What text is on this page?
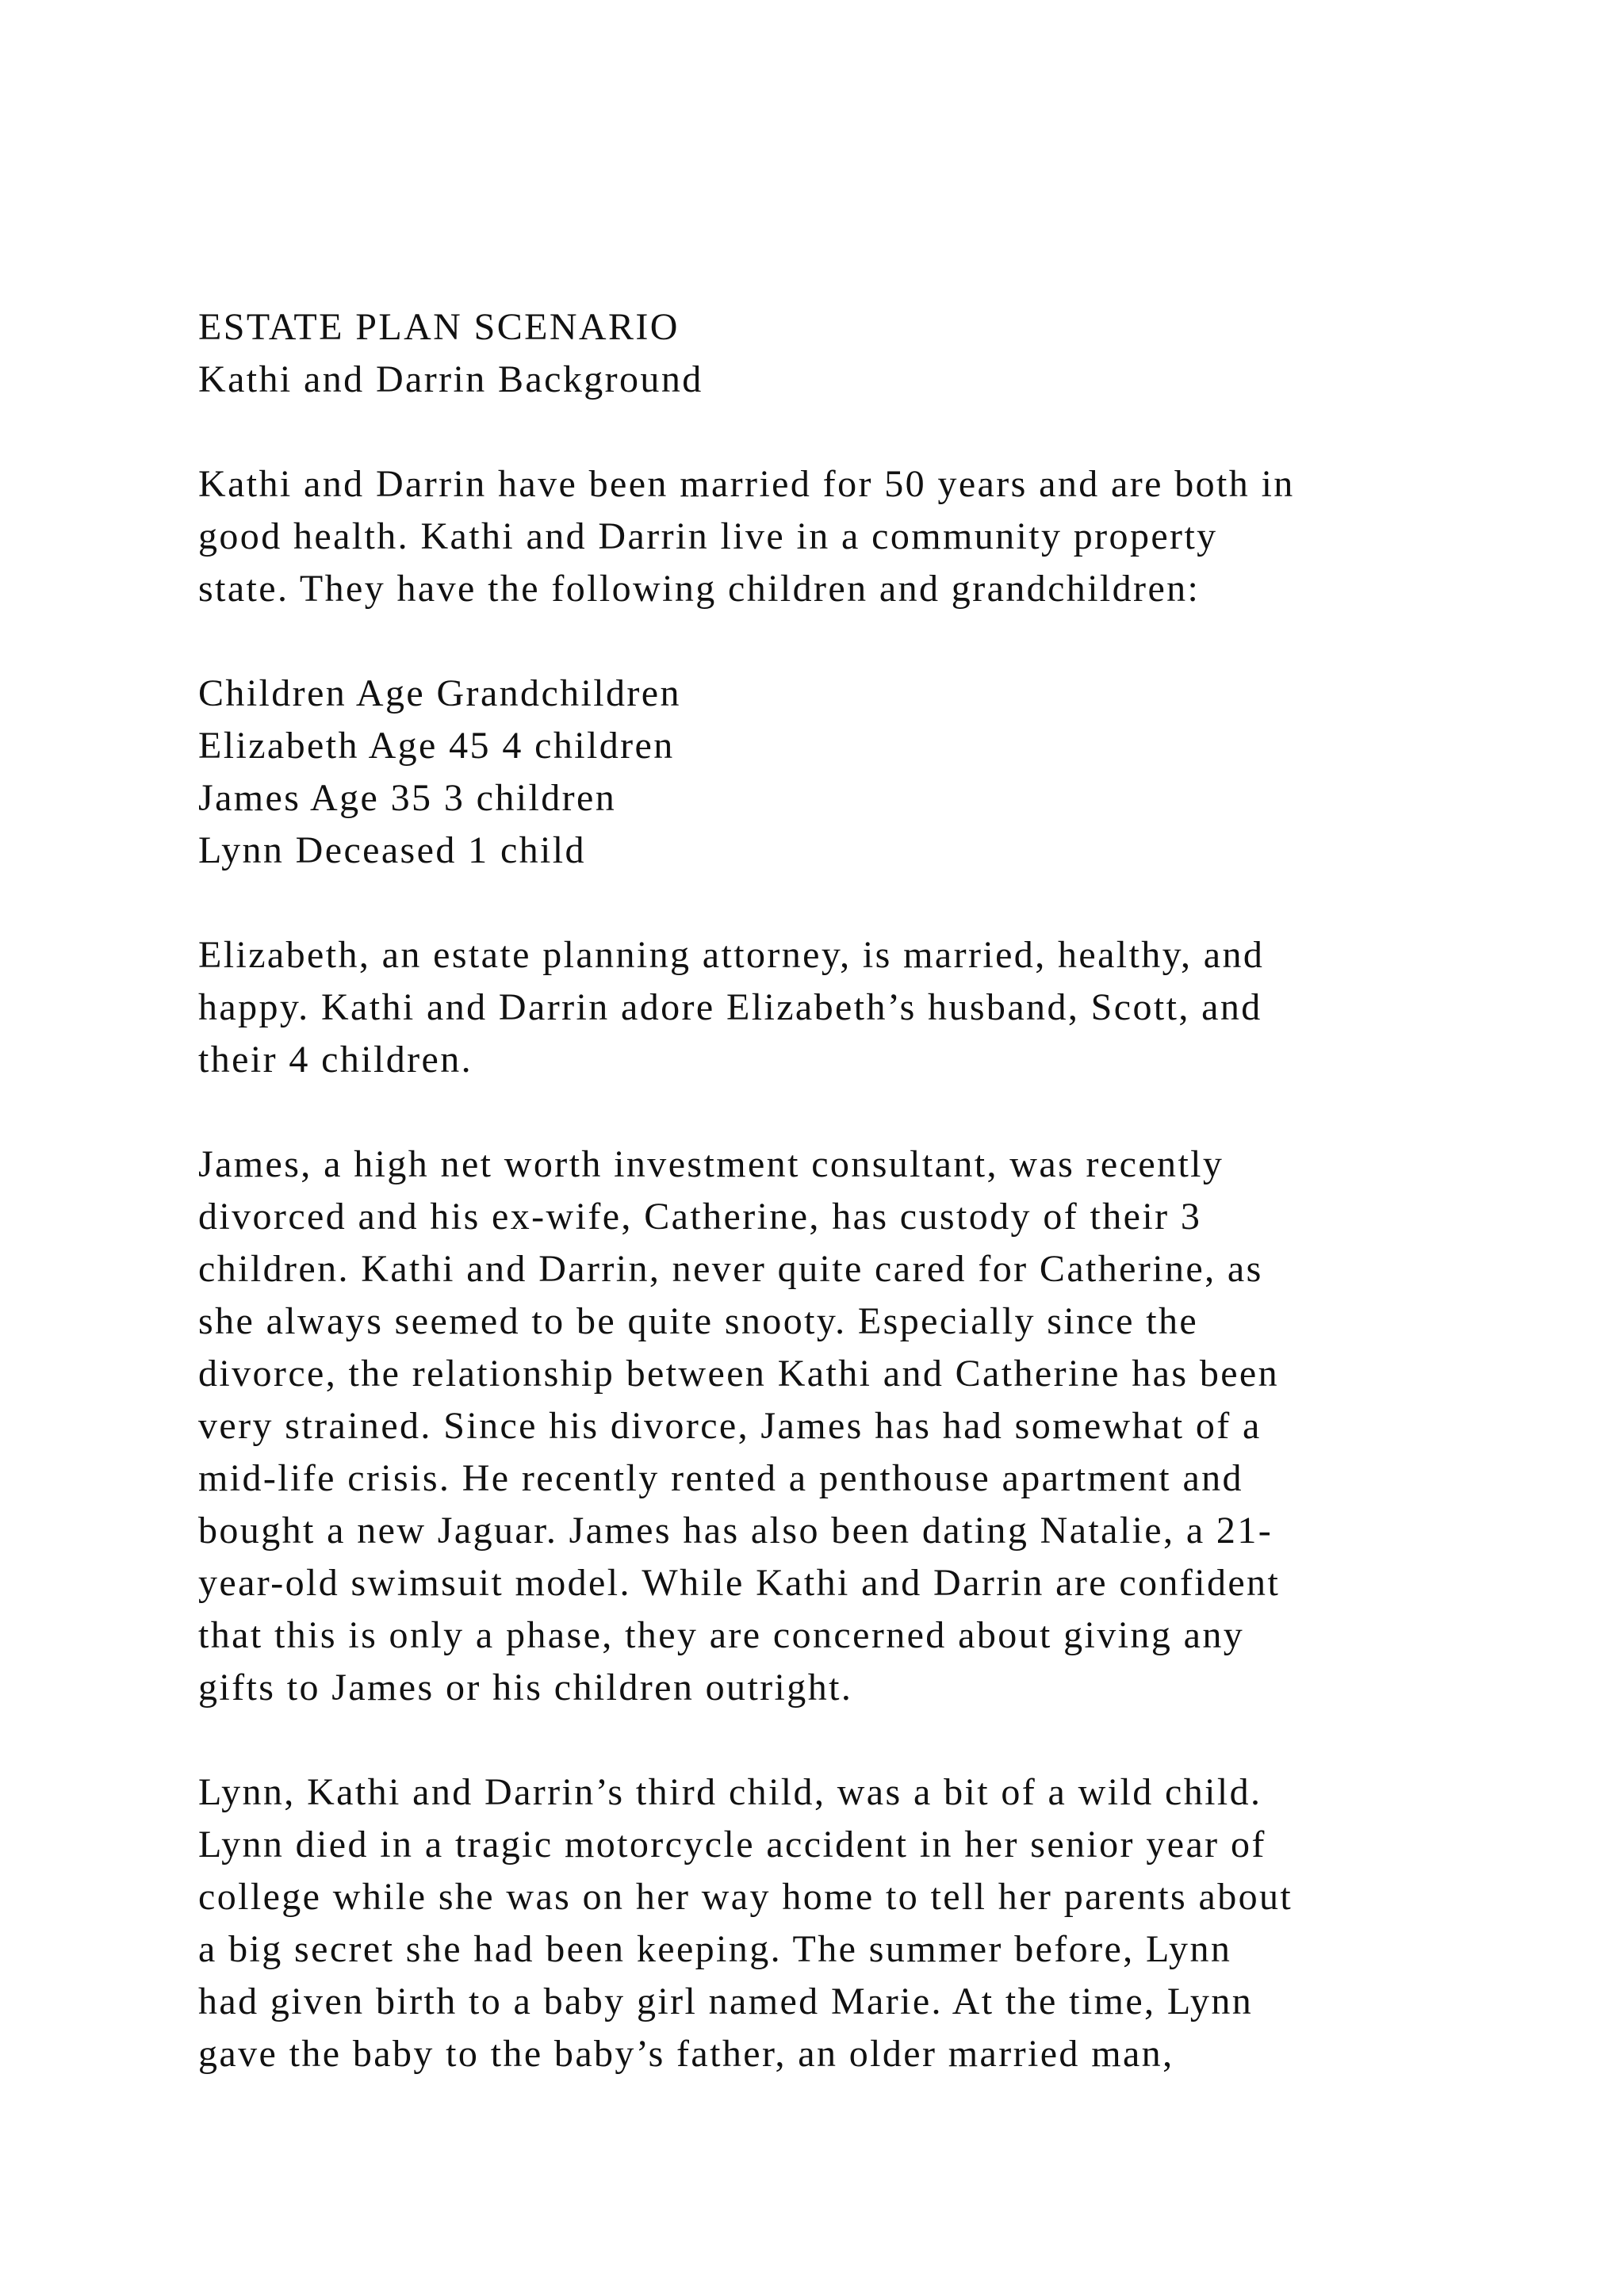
ESTATE PLAN SCENARIO
Kathi and Darrin Background
Kathi and Darrin have been married for 50 years and are both in
good health. Kathi and Darrin live in a community property
state. They have the following children and grandchildren:
Children Age Grandchildren
Elizabeth Age 45 4 children
James Age 35 3 children
Lynn Deceased 1 child
Elizabeth, an estate planning attorney, is married, healthy, and
happy. Kathi and Darrin adore Elizabeth’s husband, Scott, and
their 4 children.
James, a high net worth investment consultant, was recently
divorced and his ex-wife, Catherine, has custody of their 3
children. Kathi and Darrin, never quite cared for Catherine, as
she always seemed to be quite snooty. Especially since the
divorce, the relationship between Kathi and Catherine has been
very strained. Since his divorce, James has had somewhat of a
mid-life crisis. He recently rented a penthouse apartment and
bought a new Jaguar. James has also been dating Natalie, a 21-
year-old swimsuit model. While Kathi and Darrin are confident
that this is only a phase, they are concerned about giving any
gifts to James or his children outright.
Lynn, Kathi and Darrin’s third child, was a bit of a wild child.
Lynn died in a tragic motorcycle accident in her senior year of
college while she was on her way home to tell her parents about
a big secret she had been keeping. The summer before, Lynn
had given birth to a baby girl named Marie. At the time, Lynn
gave the baby to the baby’s father, an older married man,
